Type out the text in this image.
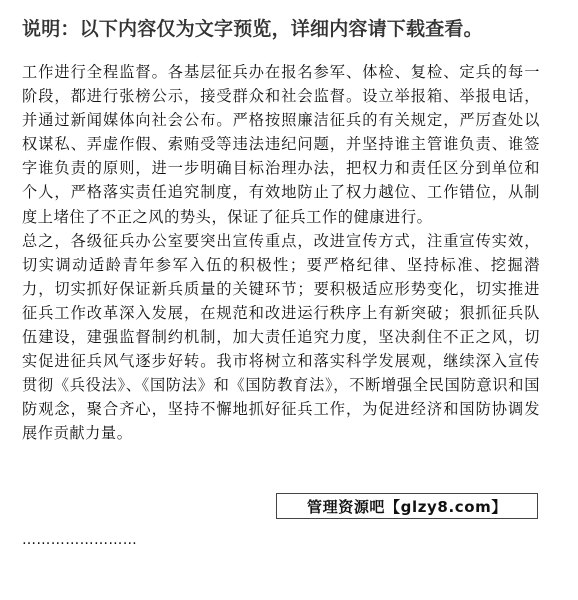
说明：以下内容仅为文字预览，详细内容请下载查看。

工作进行全程监督。各基层征兵办在报名参军、体检、复检、定兵的每一阶段，都进行张榜公示，接受群众和社会监督。设立举报箱、举报电话，并通过新闻媒体向社会公布。严格按照廉洁征兵的有关规定，严厉查处以权谋私、弄虚作假、索贿受等违法违纪问题，并坚持谁主管谁负责、谁签字谁负责的原则，进一步明确目标治理办法，把权力和责任区分到单位和个人，严格落实责任追究制度，有效地防止了权力越位、工作错位，从制度上堵住了不正之风的势头，保证了征兵工作的健康进行。

总之，各级征兵办公室要突出宣传重点，改进宣传方式，注重宣传实效，切实调动适龄青年参军入伍的积极性；要严格纪律、坚持标准、挖掘潜力，切实抓好保证新兵质量的关键环节；要积极适应形势变化，切实推进征兵工作改革深入发展，在规范和改进运行秩序上有新突破；狠抓征兵队伍建设，建强监督制约机制，加大责任追究力度，坚决刹住不正之风，切实促进征兵风气逐步好转。我市将树立和落实科学发展观，继续深入宣传贯彻《兵役法》、《国防法》和《国防教育法》，不断增强全民国防意识和国防观念，聚合齐心，坚持不懈地抓好征兵工作，为促进经济和国防协调发展作贡献力量。

……………………
管理资源吧【glzy8.com】
